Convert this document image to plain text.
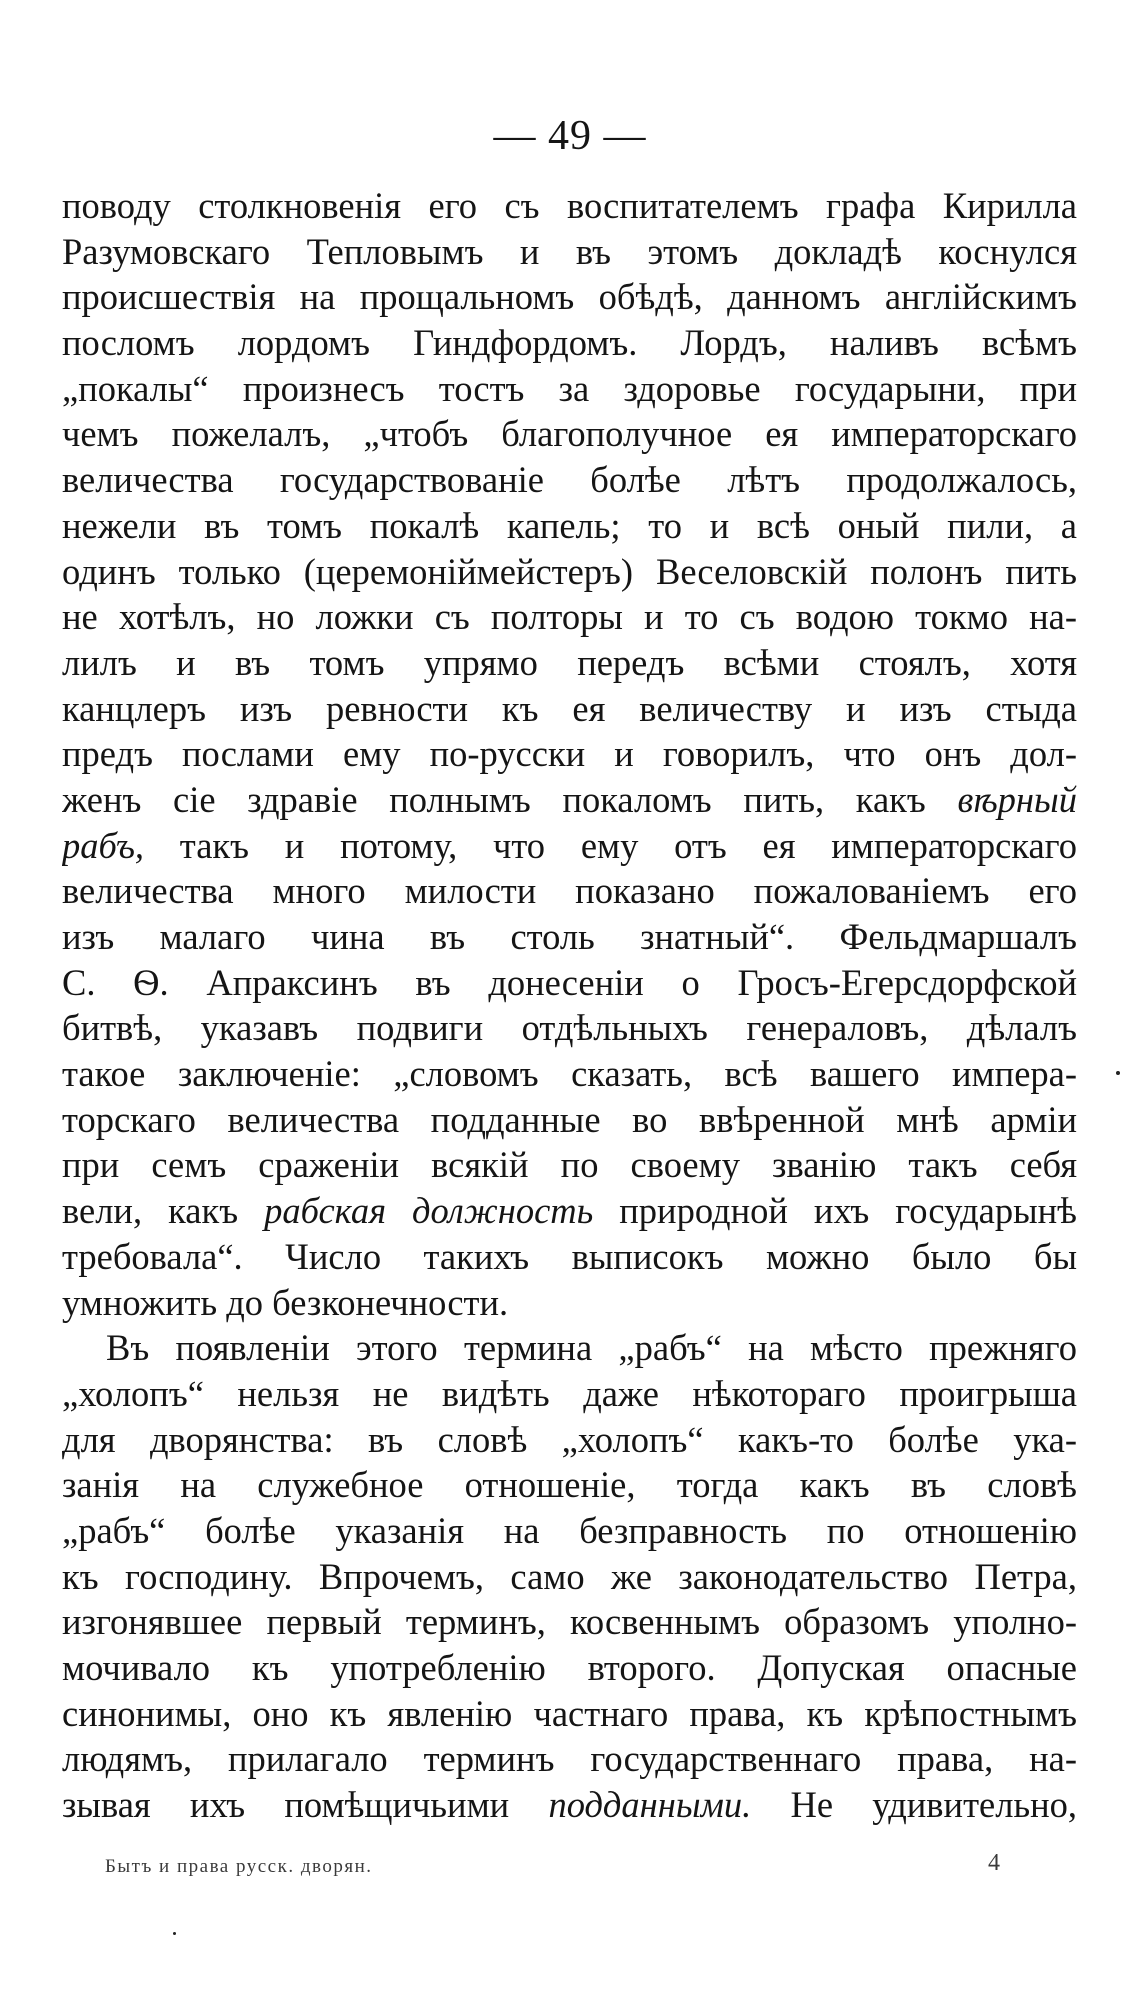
— 49 —
поводу столкновенія его съ воспитателемъ графа Кирилла
Разумовскаго Тепловымъ и въ этомъ докладѣ коснулся
происшествія на прощальномъ обѣдѣ, данномъ англійскимъ
посломъ лордомъ Гиндфордомъ. Лордъ, наливъ всѣмъ
„покалы“ произнесъ тостъ за здоровье государыни, при
чемъ пожелалъ, „чтобъ благополучное ея императорскаго
величества государствованіе болѣе лѣтъ продолжалось,
нежели въ томъ покалѣ капель; то и всѣ оный пили, а
одинъ только (церемоніймейстеръ) Веселовскій полонъ пить
не хотѣлъ, но ложки съ полторы и то съ водою токмо на-
лилъ и въ томъ упрямо передъ всѣми стоялъ, хотя
канцлеръ изъ ревности къ ея величеству и изъ стыда
предъ послами ему по-русски и говорилъ, что онъ дол-
женъ сіе здравіе полнымъ покаломъ пить, какъ вѣрный
рабъ, такъ и потому, что ему отъ ея императорскаго
величества много милости показано пожалованіемъ его
изъ малаго чина въ столь знатный“. Фельдмаршалъ
С. Ѳ. Апраксинъ въ донесеніи о Гросъ-Егерсдорфской
битвѣ, указавъ подвиги отдѣльныхъ генераловъ, дѣлалъ
такое заключеніе: „словомъ сказать, всѣ вашего импера-
торскаго величества подданные во ввѣренной мнѣ арміи
при семъ сраженіи всякій по своему званію такъ себя
вели, какъ рабская должность природной ихъ государынѣ
требовала“. Число такихъ выписокъ можно было бы
умножить до безконечности.
Въ появленіи этого термина „рабъ“ на мѣсто прежняго
„холопъ“ нельзя не видѣть даже нѣкотораго проигрыша
для дворянства: въ словѣ „холопъ“ какъ-то болѣе ука-
занія на служебное отношеніе, тогда какъ въ словѣ
„рабъ“ болѣе указанія на безправность по отношенію
къ господину. Впрочемъ, само же законодательство Петра,
изгонявшее первый терминъ, косвеннымъ образомъ уполно-
мочивало къ употребленію второго. Допуская опасные
синонимы, оно къ явленію частнаго права, къ крѣпостнымъ
людямъ, прилагало терминъ государственнаго права, на-
зывая ихъ помѣщичьими подданными. Не удивительно,
Бытъ и права русск. дворян.	4
